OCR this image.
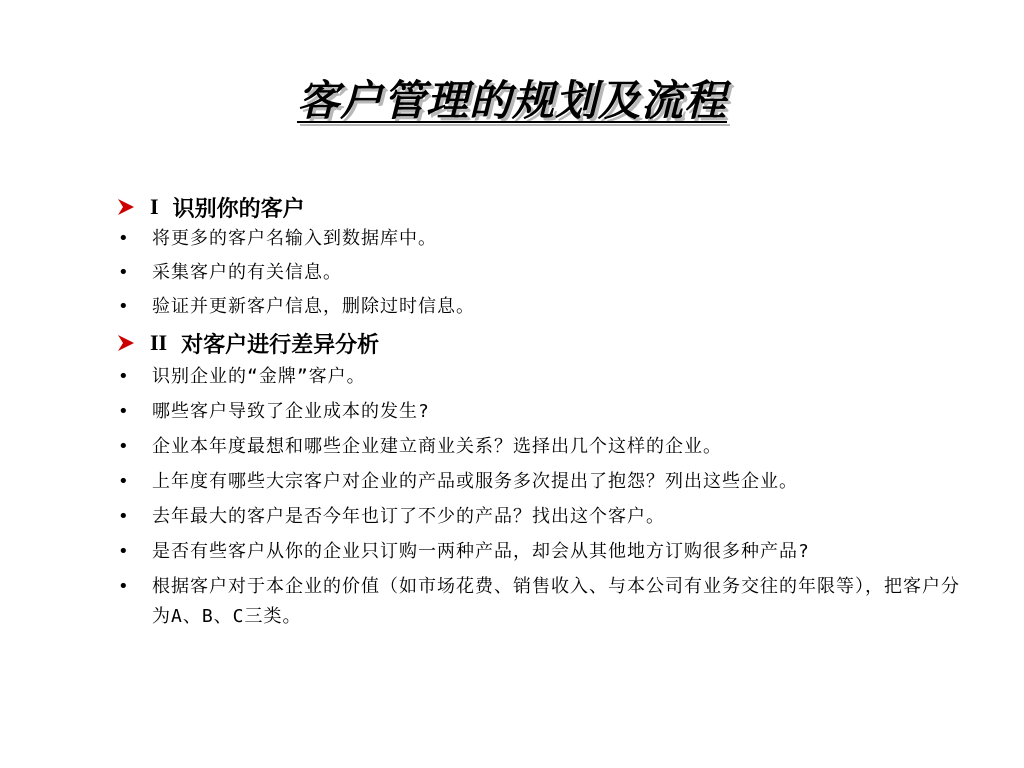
客户管理的规划及流程
I 识别你的客户
•	将更多的客户名输入到数据库中。
•	采集客户的有关信息。
•	验证并更新客户信息，删除过时信息。
II 对客户进行差异分析
•	识别企业的“金牌”客户。
•	哪些客户导致了企业成本的发生?
•	企业本年度最想和哪些企业建立商业关系？选择出几个这样的企业。
•	上年度有哪些大宗客户对企业的产品或服务多次提出了抱怨？列出这些企业。
•	去年最大的客户是否今年也订了不少的产品？找出这个客户。
•	是否有些客户从你的企业只订购一两种产品，却会从其他地方订购很多种产品?
•	根据客户对于本企业的价值（如市场花费、销售收入、与本公司有业务交往的年限等），把客户分为A、B、C三类。
